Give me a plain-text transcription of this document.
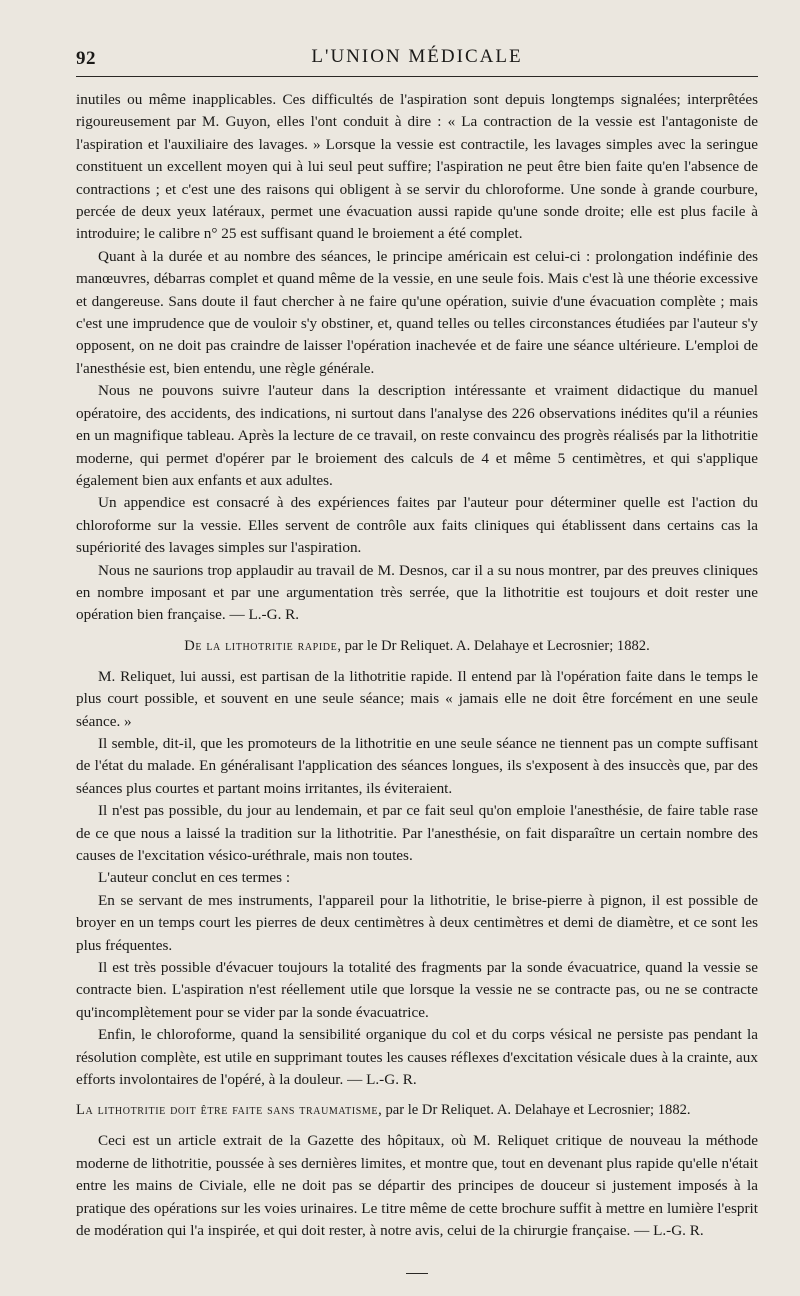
92	L'UNION MÉDICALE

inutiles ou même inapplicables. Ces difficultés de l'aspiration sont depuis longtemps signalées; interprêtées rigoureusement par M. Guyon, elles l'ont conduit à dire : « La contraction de la vessie est l'antagoniste de l'aspiration et l'auxiliaire des lavages. » Lorsque la vessie est contractile, les lavages simples avec la seringue constituent un excellent moyen qui à lui seul peut suffire; l'aspiration ne peut être bien faite qu'en l'absence de contractions ; et c'est une des raisons qui obligent à se servir du chloroforme. Une sonde à grande courbure, percée de deux yeux latéraux, permet une évacuation aussi rapide qu'une sonde droite; elle est plus facile à introduire; le calibre n° 25 est suffisant quand le broiement a été complet.

Quant à la durée et au nombre des séances, le principe américain est celui-ci : prolongation indéfinie des manœuvres, débarras complet et quand même de la vessie, en une seule fois. Mais c'est là une théorie excessive et dangereuse. Sans doute il faut chercher à ne faire qu'une opération, suivie d'une évacuation complète ; mais c'est une imprudence que de vouloir s'y obstiner, et, quand telles ou telles circonstances étudiées par l'auteur s'y opposent, on ne doit pas craindre de laisser l'opération inachevée et de faire une séance ultérieure. L'emploi de l'anesthésie est, bien entendu, une règle générale.

Nous ne pouvons suivre l'auteur dans la description intéressante et vraiment didactique du manuel opératoire, des accidents, des indications, ni surtout dans l'analyse des 226 observations inédites qu'il a réunies en un magnifique tableau. Après la lecture de ce travail, on reste convaincu des progrès réalisés par la lithotritie moderne, qui permet d'opérer par le broiement des calculs de 4 et même 5 centimètres, et qui s'applique également bien aux enfants et aux adultes.

Un appendice est consacré à des expériences faites par l'auteur pour déterminer quelle est l'action du chloroforme sur la vessie. Elles servent de contrôle aux faits cliniques qui établissent dans certains cas la supériorité des lavages simples sur l'aspiration.

Nous ne saurions trop applaudir au travail de M. Desnos, car il a su nous montrer, par des preuves cliniques en nombre imposant et par une argumentation très serrée, que la lithotritie est toujours et doit rester une opération bien française. — L.-G. R.

De la lithotritie rapide, par le Dr Reliquet. A. Delahaye et Lecrosnier; 1882.

M. Reliquet, lui aussi, est partisan de la lithotritie rapide. Il entend par là l'opération faite dans le temps le plus court possible, et souvent en une seule séance; mais « jamais elle ne doit être forcément en une seule séance. »

Il semble, dit-il, que les promoteurs de la lithotritie en une seule séance ne tiennent pas un compte suffisant de l'état du malade. En généralisant l'application des séances longues, ils s'exposent à des insuccès que, par des séances plus courtes et partant moins irritantes, ils éviteraient.

Il n'est pas possible, du jour au lendemain, et par ce fait seul qu'on emploie l'anesthésie, de faire table rase de ce que nous a laissé la tradition sur la lithotritie. Par l'anesthésie, on fait disparaître un certain nombre des causes de l'excitation vésico-uréthrale, mais non toutes.

L'auteur conclut en ces termes :

En se servant de mes instruments, l'appareil pour la lithotritie, le brise-pierre à pignon, il est possible de broyer en un temps court les pierres de deux centimètres à deux centimètres et demi de diamètre, et ce sont les plus fréquentes.

Il est très possible d'évacuer toujours la totalité des fragments par la sonde évacuatrice, quand la vessie se contracte bien. L'aspiration n'est réellement utile que lorsque la vessie ne se contracte pas, ou ne se contracte qu'incomplètement pour se vider par la sonde évacuatrice.

Enfin, le chloroforme, quand la sensibilité organique du col et du corps vésical ne persiste pas pendant la résolution complète, est utile en supprimant toutes les causes réflexes d'excitation vésicale dues à la crainte, aux efforts involontaires de l'opéré, à la douleur. — L.-G. R.

La lithotritie doit être faite sans traumatisme, par le Dr Reliquet. A. Delahaye et Lecrosnier; 1882.

Ceci est un article extrait de la Gazette des hôpitaux, où M. Reliquet critique de nouveau la méthode moderne de lithotritie, poussée à ses dernières limites, et montre que, tout en devenant plus rapide qu'elle n'était entre les mains de Civiale, elle ne doit pas se départir des principes de douceur si justement imposés à la pratique des opérations sur les voies urinaires. Le titre même de cette brochure suffit à mettre en lumière l'esprit de modération qui l'a inspirée, et qui doit rester, à notre avis, celui de la chirurgie française. — L.-G. R.
